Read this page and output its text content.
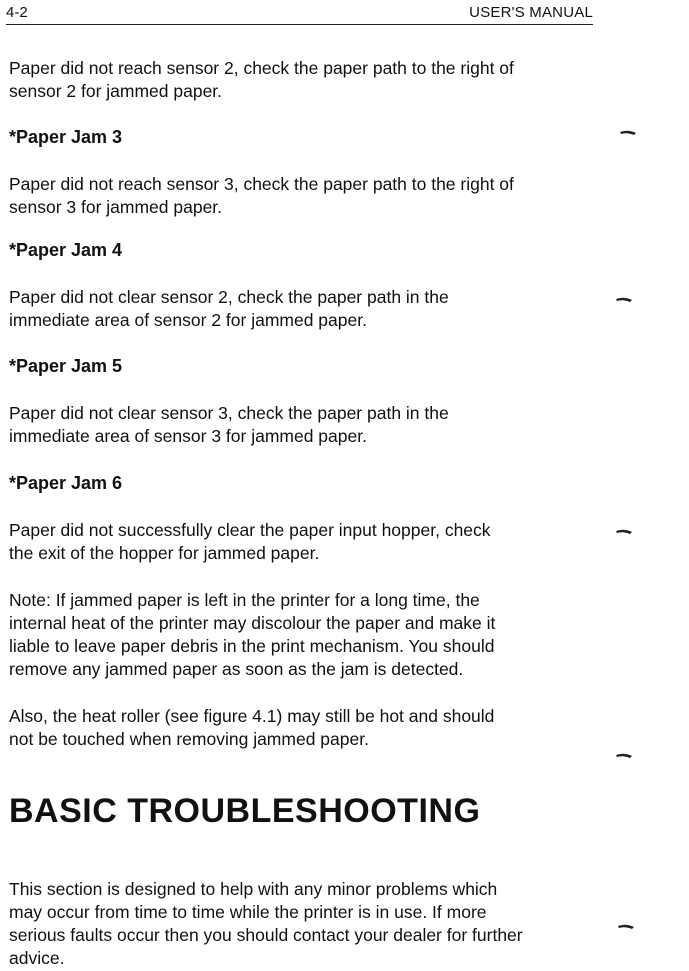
4-2	USER'S MANUAL
Paper did not reach sensor 2, check the paper path to the right of
sensor 2 for jammed paper.
*Paper Jam 3
Paper did not reach sensor 3, check the paper path to the right of
sensor 3 for jammed paper.
*Paper Jam 4
Paper did not clear sensor 2, check the paper path in the
immediate area of sensor 2 for jammed paper.
*Paper Jam 5
Paper did not clear sensor 3, check the paper path in the
immediate area of sensor 3 for jammed paper.
*Paper Jam 6
Paper did not successfully clear the paper input hopper, check
the exit of the hopper for jammed paper.
Note: If jammed paper is left in the printer for a long time, the
internal heat of the printer may discolour the paper and make it
liable to leave paper debris in the print mechanism. You should
remove any jammed paper as soon as the jam is detected.
Also, the heat roller (see figure 4.1) may still be hot and should
not be touched when removing jammed paper.
BASIC TROUBLESHOOTING
This section is designed to help with any minor problems which
may occur from time to time while the printer is in use. If more
serious faults occur then you should contact your dealer for further
advice.
